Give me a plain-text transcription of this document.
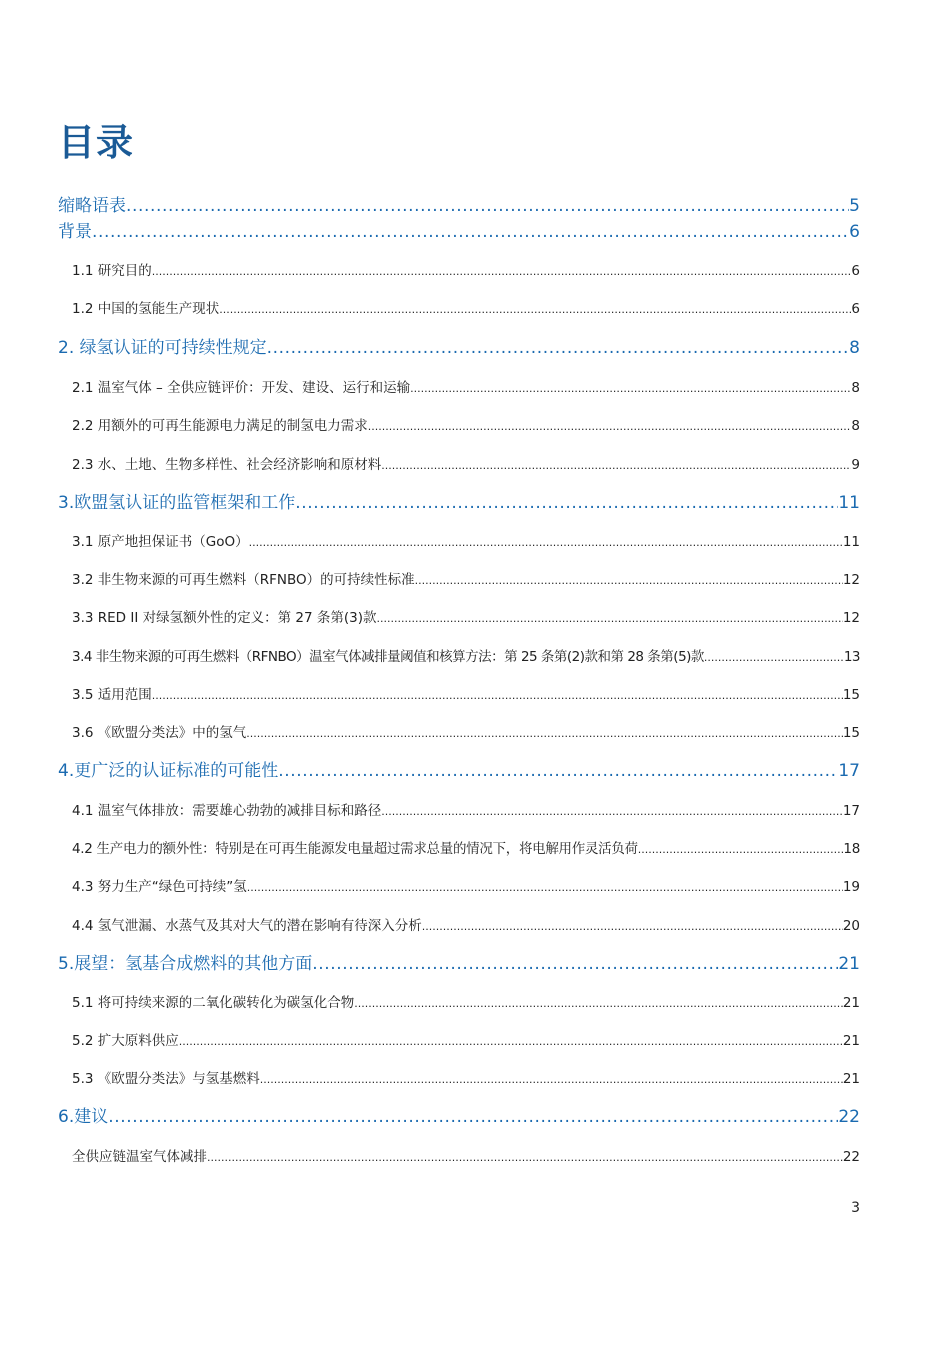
目录
缩略语表 .....	5
背景 .....	6
1.1 研究目的 .....	6
1.2 中国的氢能生产现状 .....	6
2. 绿氢认证的可持续性规定 .....	8
2.1 温室气体 – 全供应链评价：开发、建设、运行和运输 .....	8
2.2 用额外的可再生能源电力满足的制氢电力需求 .....	8
2.3 水、土地、生物多样性、社会经济影响和原材料 .....	9
3.欧盟氢认证的监管框架和工作 .....	11
3.1 原产地担保证书（GoO） .....	11
3.2 非生物来源的可再生燃料（RFNBO）的可持续性标准 .....	12
3.3 RED II 对绿氢额外性的定义：第 27 条第(3)款 .....	12
3.4 非生物来源的可再生燃料（RFNBO）温室气体减排量阈值和核算方法：第 25 条第(2)款和第 28 条第(5)款 .....	13
3.5 适用范围 .....	15
3.6 《欧盟分类法》中的氢气 .....	15
4.更广泛的认证标准的可能性 .....	17
4.1 温室气体排放：需要雄心勃勃的减排目标和路径 .....	17
4.2 生产电力的额外性：特别是在可再生能源发电量超过需求总量的情况下，将电解用作灵活负荷 .....	18
4.3 努力生产“绿色可持续”氢 .....	19
4.4 氢气泄漏、水蒸气及其对大气的潜在影响有待深入分析 .....	20
5.展望：氢基合成燃料的其他方面 .....	21
5.1 将可持续来源的二氧化碳转化为碳氢化合物 .....	21
5.2 扩大原料供应 .....	21
5.3 《欧盟分类法》与氢基燃料 .....	21
6.建议 .....	22
全供应链温室气体减排 .....	22
3
